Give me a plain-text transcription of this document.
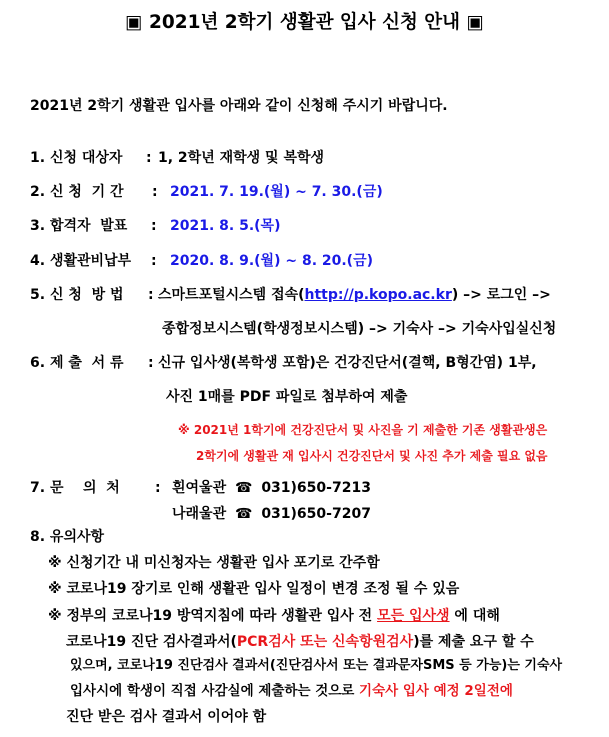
▣ 2021년 2학기 생활관 입사 신청 안내 ▣
2021년 2학기 생활관 입사를 아래와 같이 신청해 주시기 바랍니다.
1. 신청 대상자 : 1, 2학년 재학생 및 복학생
2. 신 청  기 간 : 2021. 7. 19.(월) ~ 7. 30.(금)
3. 합격자  발표 : 2021. 8. 5.(목)
4. 생활관비납부 : 2020. 8. 9.(월) ~ 8. 20.(금)
5. 신 청  방 법 : 스마트포털시스템 접속(http://p.kopo.ac.kr) –> 로그인 –>
종합정보시스템(학생정보시스템) –> 기숙사 –> 기숙사입실신청
6. 제 출  서 류 : 신규 입사생(복학생 포함)은 건강진단서(결핵, B형간염) 1부,
사진 1매를 PDF 파일로 첨부하여 제출
※ 2021년 1학기에 건강진단서 및 사진을 기 제출한 기존 생활관생은
2학기에 생활관 재 입사시 건강진단서 및 사진 추가 제출 필요 없음
7. 문    의  처	: 흰여울관 ☎ 031)650-7213
나래울관 ☎ 031)650-7207
8. 유의사항
※ 신청기간 내 미신청자는 생활관 입사 포기로 간주함
※ 코로나19 장기로 인해 생활관 입사 일정이 변경 조정 될 수 있음
※ 정부의 코로나19 방역지침에 따라 생활관 입사 전 모든 입사생 에 대해
코로나19 진단 검사결과서(PCR검사 또는 신속항원검사)를 제출 요구 할 수
있으며, 코로나19 진단검사 결과서(진단검사서 또는 결과문자SMS 등 가능)는 기숙사
입사시에 학생이 직접 사감실에 제출하는 것으로 기숙사 입사 예정 2일전에
진단 받은 검사 결과서 이어야 함
